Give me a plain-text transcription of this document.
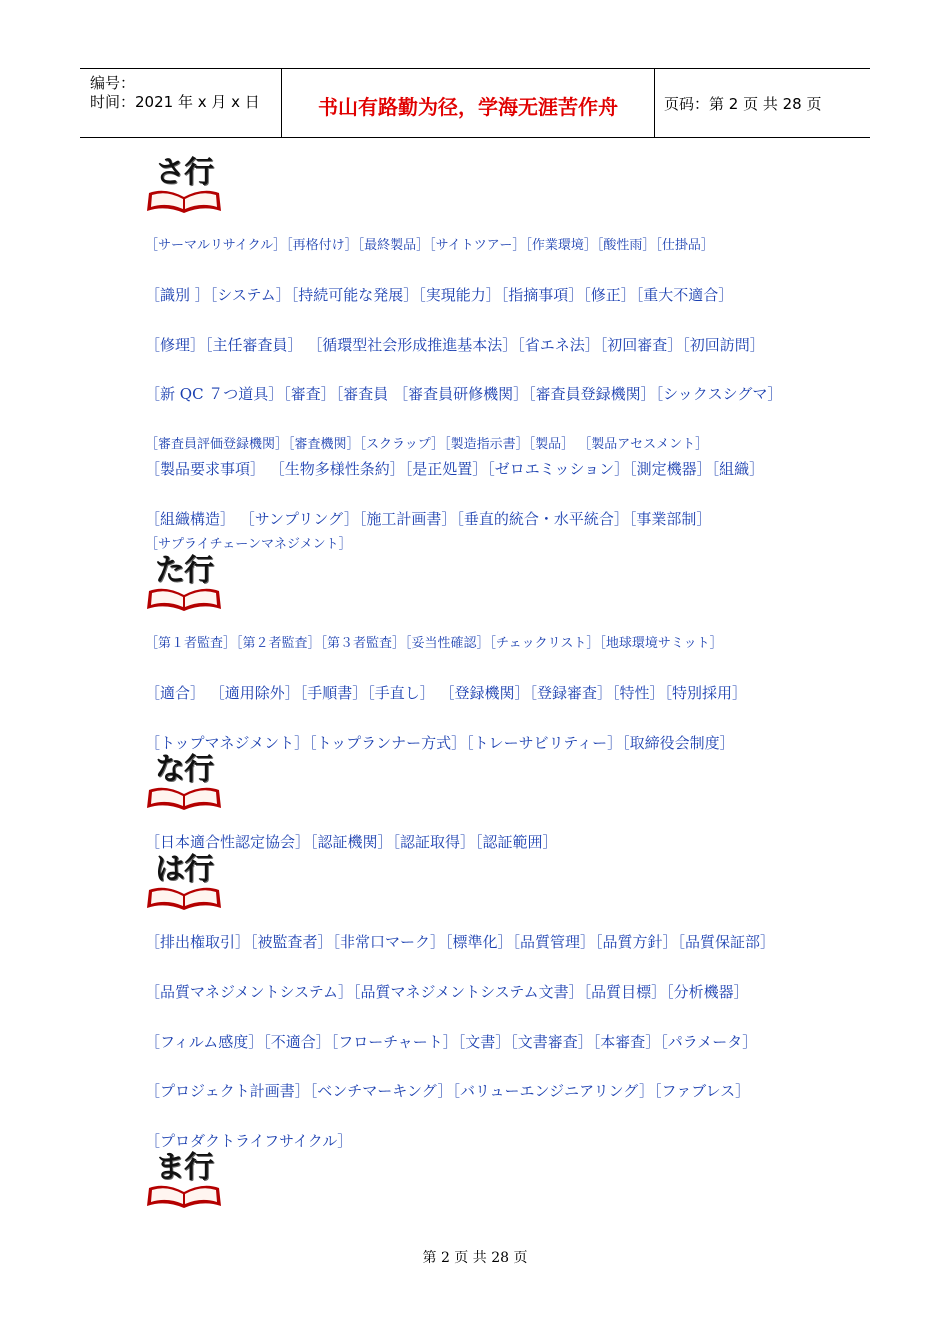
编号：
时间：2021 年 x 月 x 日	书山有路勤为径，学海无涯苦作舟	页码：第 2 页 共 28 页
さ行
［サーマルリサイクル］［再格付け］［最終製品］［サイトツアー］［作業環境］［酸性雨］［仕掛品］
［識別 ］［システム］［持続可能な発展］［実現能力］［指摘事項］［修正］［重大不適合］
［修理］［主任審査員］ ［循環型社会形成推進基本法］［省エネ法］［初回審査］［初回訪問］
［新 QC ７つ道具］［審査］［審査員 ［審査員研修機関］［審査員登録機関］［シックスシグマ］
［審査員評価登録機関］［審査機関］［スクラップ］［製造指示書］［製品］ ［製品アセスメント］
［製品要求事項］ ［生物多様性条約］［是正処置］［ゼロエミッション］［測定機器］［組織］
［組織構造］ ［サンプリング］［施工計画書］［垂直的統合・水平統合］［事業部制］
［サプライチェーンマネジメント］
た行
［第１者監査］［第２者監査］［第３者監査］［妥当性確認］［チェックリスト］［地球環境サミット］
［適合］ ［適用除外］［手順書］［手直し］ ［登録機関］［登録審査］［特性］［特別採用］
［トップマネジメント］［トップランナー方式］［トレーサビリティー］［取締役会制度］
な行
［日本適合性認定協会］［認証機関］［認証取得］［認証範囲］
は行
［排出権取引］［被監査者］［非常口マーク］［標準化］［品質管理］［品質方針］［品質保証部］
［品質マネジメントシステム］［品質マネジメントシステム文書］［品質目標］［分析機器］
［フィルム感度］［不適合］［フローチャート］［文書］［文書審査］［本審査］［パラメータ］
［プロジェクト計画書］［ベンチマーキング］［バリューエンジニアリング］［ファブレス］
［プロダクトライフサイクル］
ま行
第 2 页 共 28 页
